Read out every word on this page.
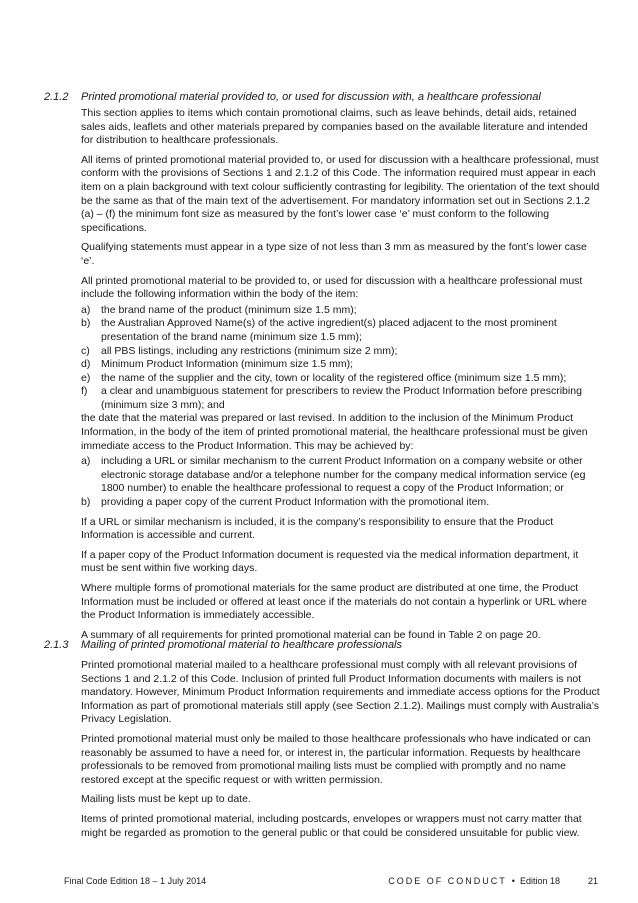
2.1.2 Printed promotional material provided to, or used for discussion with, a healthcare professional

This section applies to items which contain promotional claims, such as leave behinds, detail aids, retained sales aids, leaflets and other materials prepared by companies based on the available literature and intended for distribution to healthcare professionals.

All items of printed promotional material provided to, or used for discussion with a healthcare professional, must conform with the provisions of Sections 1 and 2.1.2 of this Code. The information required must appear in each item on a plain background with text colour sufficiently contrasting for legibility. The orientation of the text should be the same as that of the main text of the advertisement. For mandatory information set out in Sections 2.1.2 (a) – (f) the minimum font size as measured by the font’s lower case ‘e’ must conform to the following specifications.

Qualifying statements must appear in a type size of not less than 3 mm as measured by the font’s lower case ‘e’.

All printed promotional material to be provided to, or used for discussion with a healthcare professional must include the following information within the body of the item:

a) the brand name of the product (minimum size 1.5 mm);
b) the Australian Approved Name(s) of the active ingredient(s) placed adjacent to the most prominent presentation of the brand name (minimum size 1.5 mm);
c) all PBS listings, including any restrictions (minimum size 2 mm);
d) Minimum Product Information (minimum size 1.5 mm);
e) the name of the supplier and the city, town or locality of the registered office (minimum size 1.5 mm);
f) a clear and unambiguous statement for prescribers to review the Product Information before prescribing (minimum size 3 mm); and

the date that the material was prepared or last revised. In addition to the inclusion of the Minimum Product Information, in the body of the item of printed promotional material, the healthcare professional must be given immediate access to the Product Information. This may be achieved by:

a) including a URL or similar mechanism to the current Product Information on a company website or other electronic storage database and/or a telephone number for the company medical information service (eg 1800 number) to enable the healthcare professional to request a copy of the Product Information; or
b) providing a paper copy of the current Product Information with the promotional item.

If a URL or similar mechanism is included, it is the company’s responsibility to ensure that the Product Information is accessible and current.

If a paper copy of the Product Information document is requested via the medical information department, it must be sent within five working days.

Where multiple forms of promotional materials for the same product are distributed at one time, the Product Information must be included or offered at least once if the materials do not contain a hyperlink or URL where the Product Information is immediately accessible.

A summary of all requirements for printed promotional material can be found in Table 2 on page 20.

2.1.3 Mailing of printed promotional material to healthcare professionals

Printed promotional material mailed to a healthcare professional must comply with all relevant provisions of Sections 1 and 2.1.2 of this Code. Inclusion of printed full Product Information documents with mailers is not mandatory. However, Minimum Product Information requirements and immediate access options for the Product Information as part of promotional materials still apply (see Section 2.1.2). Mailings must comply with Australia’s Privacy Legislation.

Printed promotional material must only be mailed to those healthcare professionals who have indicated or can reasonably be assumed to have a need for, or interest in, the particular information. Requests by healthcare professionals to be removed from promotional mailing lists must be complied with promptly and no name restored except at the specific request or with written permission.

Mailing lists must be kept up to date.

Items of printed promotional material, including postcards, envelopes or wrappers must not carry matter that might be regarded as promotion to the general public or that could be considered unsuitable for public view.

Final Code Edition 18 – 1 July 2014	CODE OF CONDUCT • Edition 18	21
